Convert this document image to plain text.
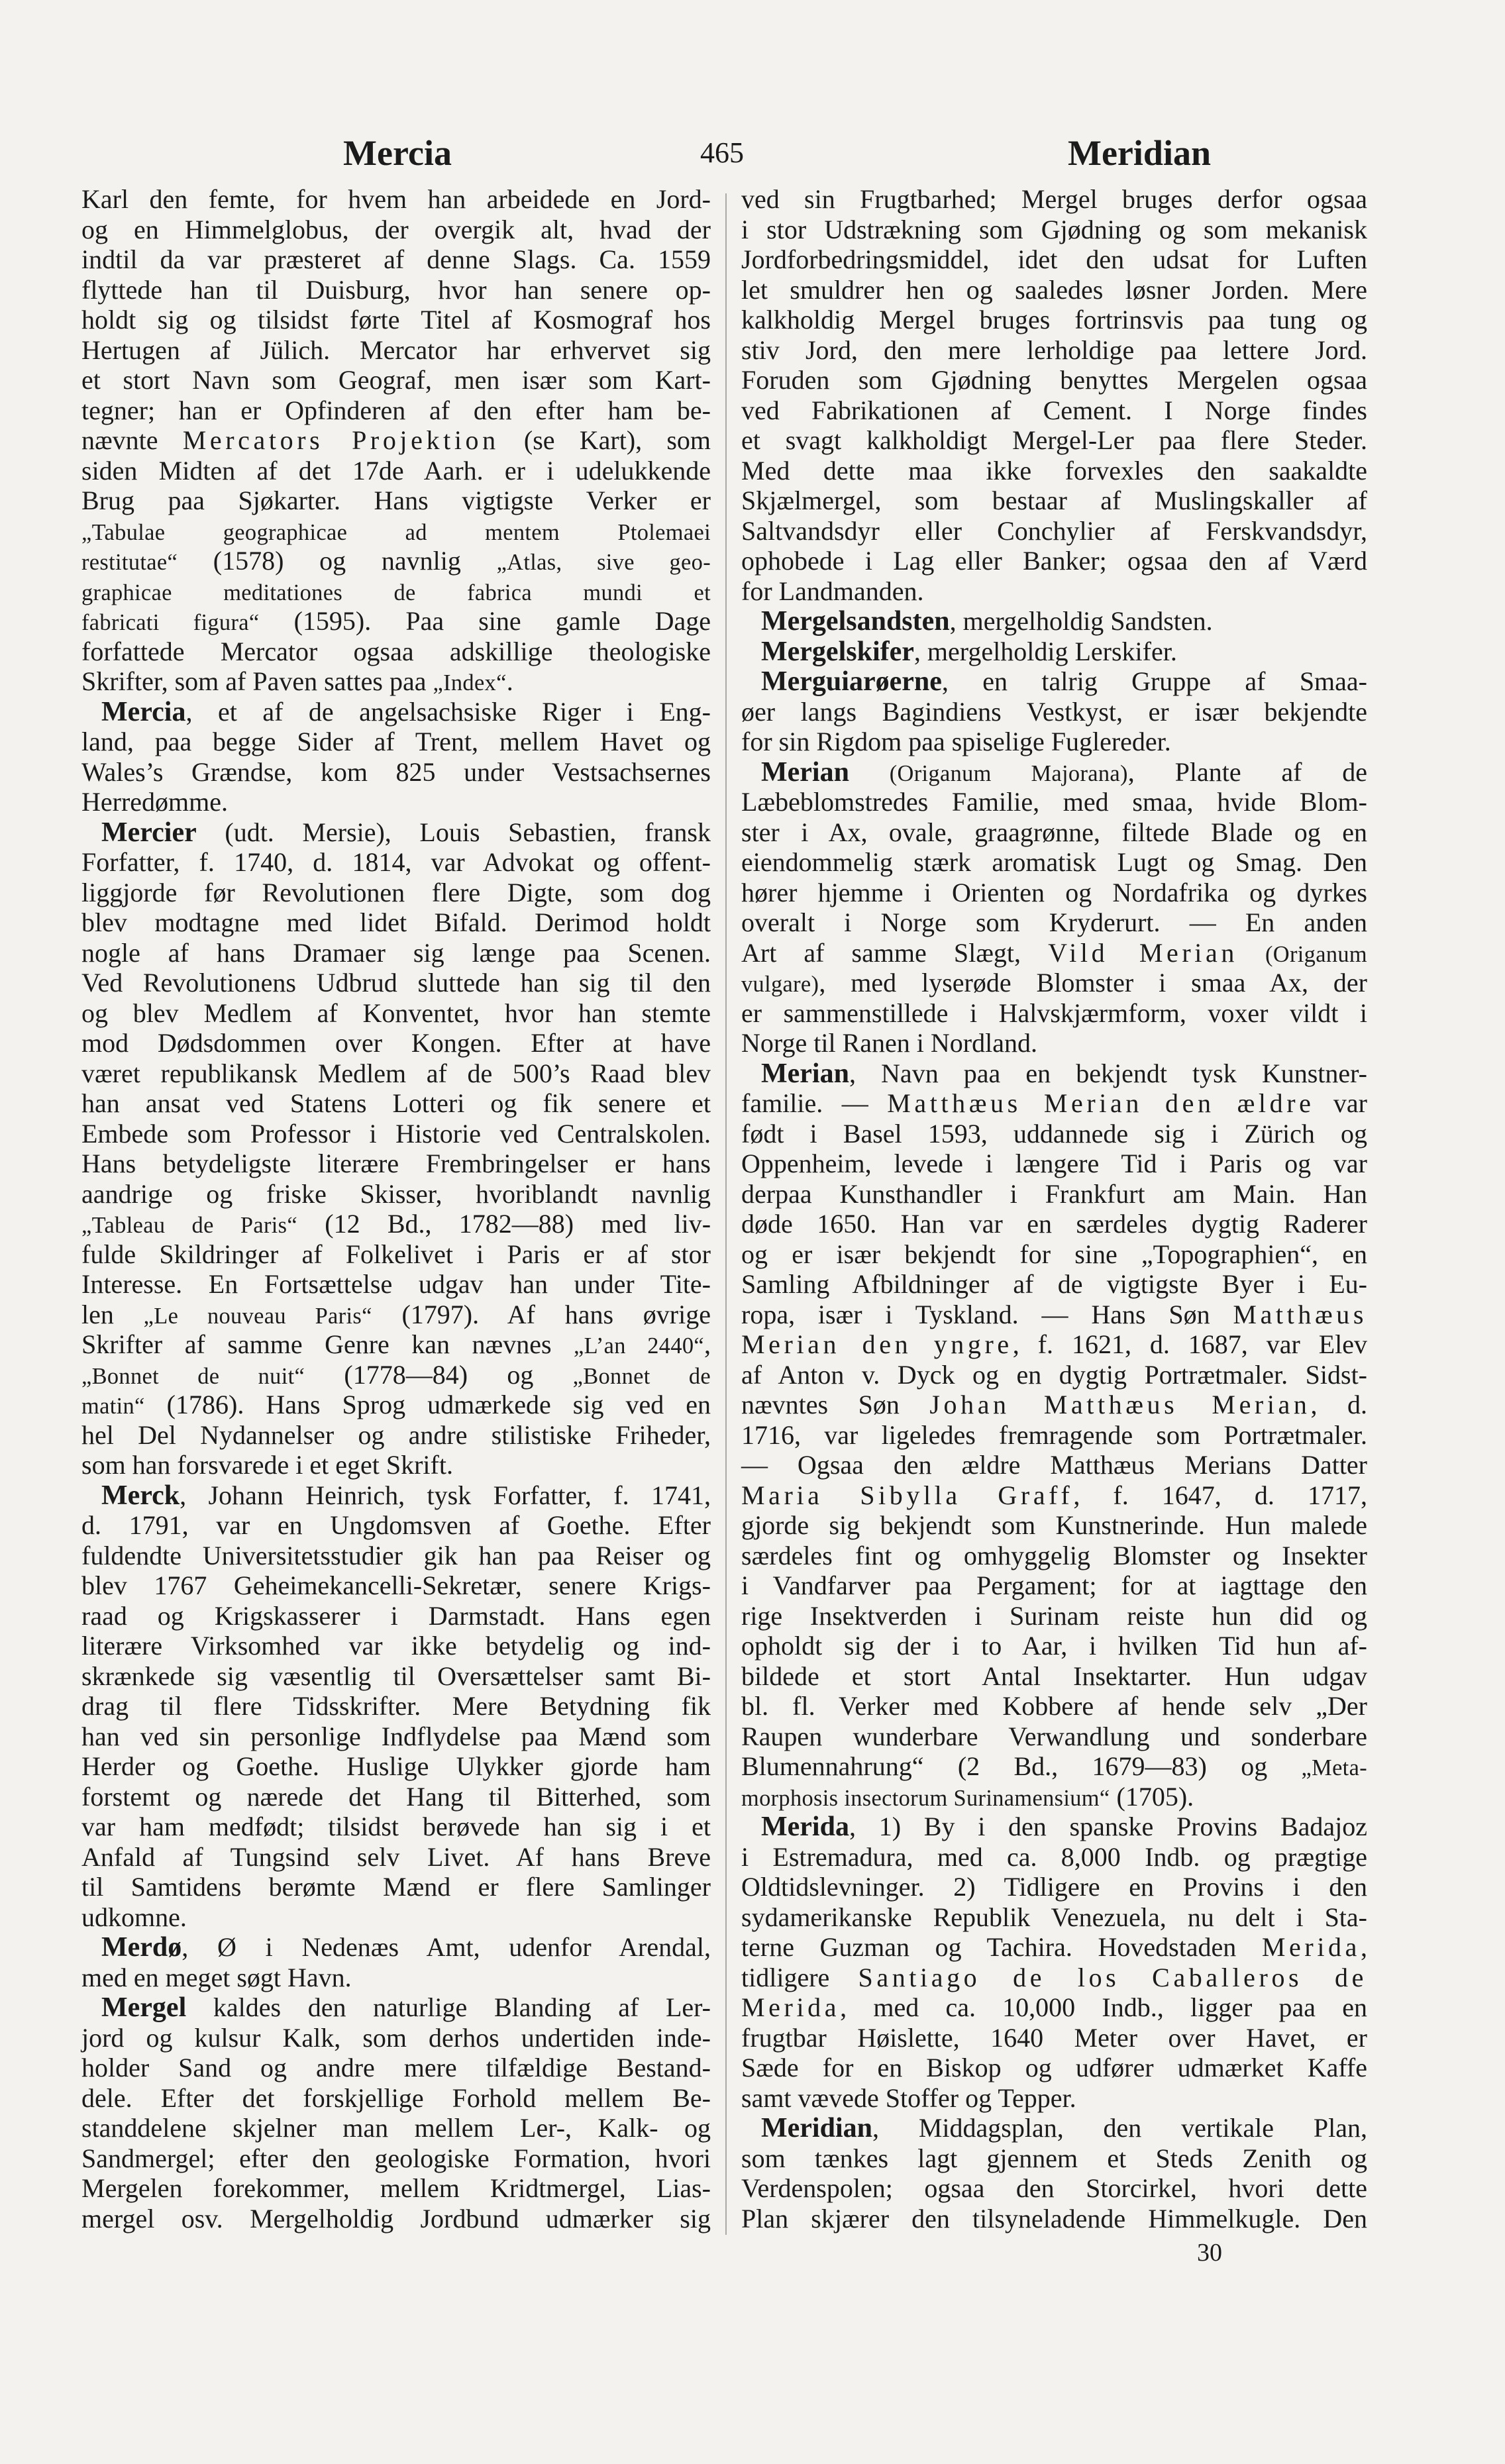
Mercia	465	Meridian
Karl den femte, for hvem han arbeidede en Jord-
og en Himmelglobus, der overgik alt, hvad der
indtil da var præsteret af denne Slags. Ca. 1559
flyttede han til Duisburg, hvor han senere op-
holdt sig og tilsidst førte Titel af Kosmograf hos
Hertugen af Jülich. Mercator har erhvervet sig
et stort Navn som Geograf, men især som Kart-
tegner; han er Opfinderen af den efter ham be-
nævnte Mercators Projektion (se Kart), som
siden Midten af det 17de Aarh. er i udelukkende
Brug paa Sjøkarter. Hans vigtigste Verker er
„Tabulae geographicae ad mentem Ptolemaei
restitutae“ (1578) og navnlig „Atlas, sive geo-
graphicae meditationes de fabrica mundi et
fabricati figura“ (1595). Paa sine gamle Dage
forfattede Mercator ogsaa adskillige theologiske
Skrifter, som af Paven sattes paa „Index“.
Mercia, et af de angelsachsiske Riger i Eng-
land, paa begge Sider af Trent, mellem Havet og
Wales’s Grændse, kom 825 under Vestsachsernes
Herredømme.
Mercier (udt. Mersie), Louis Sebastien, fransk
Forfatter, f. 1740, d. 1814, var Advokat og offent-
liggjorde før Revolutionen flere Digte, som dog
blev modtagne med lidet Bifald. Derimod holdt
nogle af hans Dramaer sig længe paa Scenen.
Ved Revolutionens Udbrud sluttede han sig til den
og blev Medlem af Konventet, hvor han stemte
mod Dødsdommen over Kongen. Efter at have
været republikansk Medlem af de 500’s Raad blev
han ansat ved Statens Lotteri og fik senere et
Embede som Professor i Historie ved Centralskolen.
Hans betydeligste literære Frembringelser er hans
aandrige og friske Skisser, hvoriblandt navnlig
„Tableau de Paris“ (12 Bd., 1782—88) med liv-
fulde Skildringer af Folkelivet i Paris er af stor
Interesse. En Fortsættelse udgav han under Tite-
len „Le nouveau Paris“ (1797). Af hans øvrige
Skrifter af samme Genre kan nævnes „L’an 2440“,
„Bonnet de nuit“ (1778—84) og „Bonnet de
matin“ (1786). Hans Sprog udmærkede sig ved en
hel Del Nydannelser og andre stilistiske Friheder,
som han forsvarede i et eget Skrift.
Merck, Johann Heinrich, tysk Forfatter, f. 1741,
d. 1791, var en Ungdomsven af Goethe. Efter
fuldendte Universitetsstudier gik han paa Reiser og
blev 1767 Geheimekancelli-Sekretær, senere Krigs-
raad og Krigskasserer i Darmstadt. Hans egen
literære Virksomhed var ikke betydelig og ind-
skrænkede sig væsentlig til Oversættelser samt Bi-
drag til flere Tidsskrifter. Mere Betydning fik
han ved sin personlige Indflydelse paa Mænd som
Herder og Goethe. Huslige Ulykker gjorde ham
forstemt og nærede det Hang til Bitterhed, som
var ham medfødt; tilsidst berøvede han sig i et
Anfald af Tungsind selv Livet. Af hans Breve
til Samtidens berømte Mænd er flere Samlinger
udkomne.
Merdø, Ø i Nedenæs Amt, udenfor Arendal,
med en meget søgt Havn.
Mergel kaldes den naturlige Blanding af Ler-
jord og kulsur Kalk, som derhos undertiden inde-
holder Sand og andre mere tilfældige Bestand-
dele. Efter det forskjellige Forhold mellem Be-
standdelene skjelner man mellem Ler-, Kalk- og
Sandmergel; efter den geologiske Formation, hvori
Mergelen forekommer, mellem Kridtmergel, Lias-
mergel osv. Mergelholdig Jordbund udmærker sig
ved sin Frugtbarhed; Mergel bruges derfor ogsaa
i stor Udstrækning som Gjødning og som mekanisk
Jordforbedringsmiddel, idet den udsat for Luften
let smuldrer hen og saaledes løsner Jorden. Mere
kalkholdig Mergel bruges fortrinsvis paa tung og
stiv Jord, den mere lerholdige paa lettere Jord.
Foruden som Gjødning benyttes Mergelen ogsaa
ved Fabrikationen af Cement. I Norge findes
et svagt kalkholdigt Mergel-Ler paa flere Steder.
Med dette maa ikke forvexles den saakaldte
Skjælmergel, som bestaar af Muslingskaller af
Saltvandsdyr eller Conchylier af Ferskvandsdyr,
ophobede i Lag eller Banker; ogsaa den af Værd
for Landmanden.
Mergelsandsten, mergelholdig Sandsten.
Mergelskifer, mergelholdig Lerskifer.
Merguiarøerne, en talrig Gruppe af Smaa-
øer langs Bagindiens Vestkyst, er især bekjendte
for sin Rigdom paa spiselige Fuglereder.
Merian (Origanum Majorana), Plante af de
Læbeblomstredes Familie, med smaa, hvide Blom-
ster i Ax, ovale, graagrønne, filtede Blade og en
eiendommelig stærk aromatisk Lugt og Smag. Den
hører hjemme i Orienten og Nordafrika og dyrkes
overalt i Norge som Kryderurt. — En anden
Art af samme Slægt, Vild Merian (Origanum
vulgare), med lyserøde Blomster i smaa Ax, der
er sammenstillede i Halvskjærmform, voxer vildt i
Norge til Ranen i Nordland.
Merian, Navn paa en bekjendt tysk Kunstner-
familie. — Matthæus Merian den ældre var
født i Basel 1593, uddannede sig i Zürich og
Oppenheim, levede i længere Tid i Paris og var
derpaa Kunsthandler i Frankfurt am Main. Han
døde 1650. Han var en særdeles dygtig Raderer
og er især bekjendt for sine „Topographien“, en
Samling Afbildninger af de vigtigste Byer i Eu-
ropa, især i Tyskland. — Hans Søn Matthæus
Merian den yngre, f. 1621, d. 1687, var Elev
af Anton v. Dyck og en dygtig Portrætmaler. Sidst-
nævntes Søn Johan Matthæus Merian, d.
1716, var ligeledes fremragende som Portrætmaler.
— Ogsaa den ældre Matthæus Merians Datter
Maria Sibylla Graff, f. 1647, d. 1717,
gjorde sig bekjendt som Kunstnerinde. Hun malede
særdeles fint og omhyggelig Blomster og Insekter
i Vandfarver paa Pergament; for at iagttage den
rige Insektverden i Surinam reiste hun did og
opholdt sig der i to Aar, i hvilken Tid hun af-
bildede et stort Antal Insektarter. Hun udgav
bl. fl. Verker med Kobbere af hende selv „Der
Raupen wunderbare Verwandlung und sonderbare
Blumennahrung“ (2 Bd., 1679—83) og „Meta-
morphosis insectorum Surinamensium“ (1705).
Merida, 1) By i den spanske Provins Badajoz
i Estremadura, med ca. 8,000 Indb. og prægtige
Oldtidslevninger. 2) Tidligere en Provins i den
sydamerikanske Republik Venezuela, nu delt i Sta-
terne Guzman og Tachira. Hovedstaden Merida,
tidligere Santiago de los Caballeros de
Merida, med ca. 10,000 Indb., ligger paa en
frugtbar Høislette, 1640 Meter over Havet, er
Sæde for en Biskop og udfører udmærket Kaffe
samt vævede Stoffer og Tepper.
Meridian, Middagsplan, den vertikale Plan,
som tænkes lagt gjennem et Steds Zenith og
Verdenspolen; ogsaa den Storcirkel, hvori dette
Plan skjærer den tilsyneladende Himmelkugle. Den
30
